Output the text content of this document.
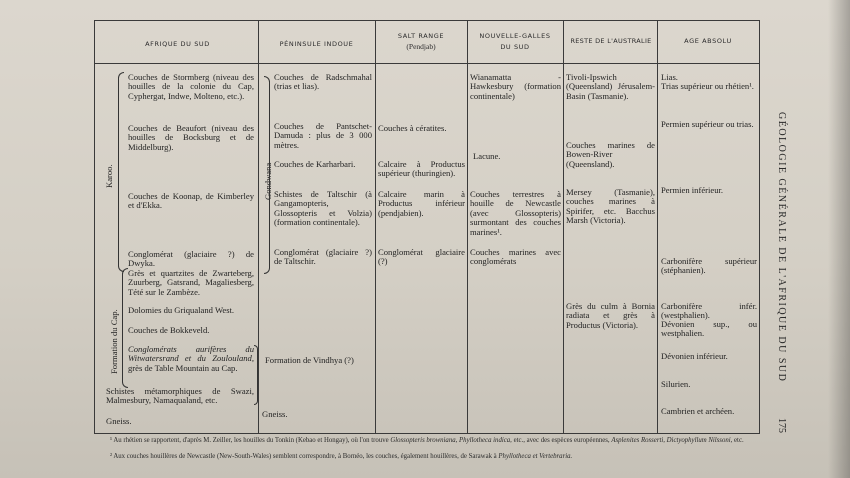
AFRIQUE DU SUD	PÉNINSULE INDOUE
SALT RANGE
(Pendjab)
NOUVELLE-GALLES
DU SUD
RESTE DE L'AUSTRALIE	AGE ABSOLU
Karoo.
Formation du Cap.
Gondwana
Couches de Stormberg (niveau des houilles de la colonie du Cap, Cyphergat, Indwe, Molteno, etc.).
Couches de Beaufort (niveau des houilles de Bocksburg et de Middelburg).
Couches de Koonap, de Kimberley et d'Ekka.
Conglomérat (glaciaire ?) de Dwyka.
Grès et quartzites de Zwarteberg, Zuurberg, Gatsrand, Magaliesberg, Tété sur le Zambèze.
Dolomies du Griqualand West.
Couches de Bokkeveld.
Conglomérats aurifères du Witwatersrand et du Zoulouland, grès de Table Mountain au Cap.
Schistes métamorphiques de Swazi, Malmesbury, Namaqualand, etc.
Gneiss.
Couches de Radschmahal (trias et lias).
Couches de Pantschet-Damuda : plus de 3 000 mètres.
Couches de Karharbari.
Schistes de Taltschir (à Gangamopteris, Glossopteris et Volzia) (formation continentale).
Conglomérat (glaciaire ?) de Taltschir.
Formation de Vindhya (?)
Gneiss.
Couches à cératites.
Calcaire à Productus supérieur (thuringien).
Calcaire marin à Productus inférieur (pendjabien).
Conglomérat glaciaire (?)
Wianamatta - Hawkesbury (formation continentale)
Lacune.
Couches terrestres à houille de Newcastle (avec Glossopteris) surmontant des couches marines¹.
Couches marines avec conglomérats
Tivoli-Ipswich (Queensland) Jérusalem-Basin (Tasmanie).
Couches marines de Bowen-River (Queensland).
Mersey (Tasmanie), couches marines à Spirifer, etc. Bacchus Marsh (Victoria).
Grès du culm à Bornia radiata et grès à Productus (Victoria).
Lias.
Trias supérieur ou rhétien¹.
Permien supérieur ou trias.
Permien inférieur.
Carbonifère supérieur (stéphanien).
Carbonifère infér. (westphalien).
Dévonien sup., ou westphalien.
Dévonien inférieur.
Silurien.
Cambrien et archéen.
¹ Au rhétien se rapportent, d'après M. Zeiller, les houilles du Tonkin (Kebao et Hongay), où l'on trouve Glossopteris browniana, Phyllotheca indica, etc., avec des espèces européennes, Asplenites Rosserti, Dictyophyllum Nilssoni, etc.
² Aux couches houillères de Newcastle (New-South-Wales) semblent correspondre, à Bornéo, les couches, également houillères, de Sarawak à Phyllotheca et Vertebraria.
GÉOLOGIE GÉNÉRALE DE L'AFRIQUE DU SUD
175
